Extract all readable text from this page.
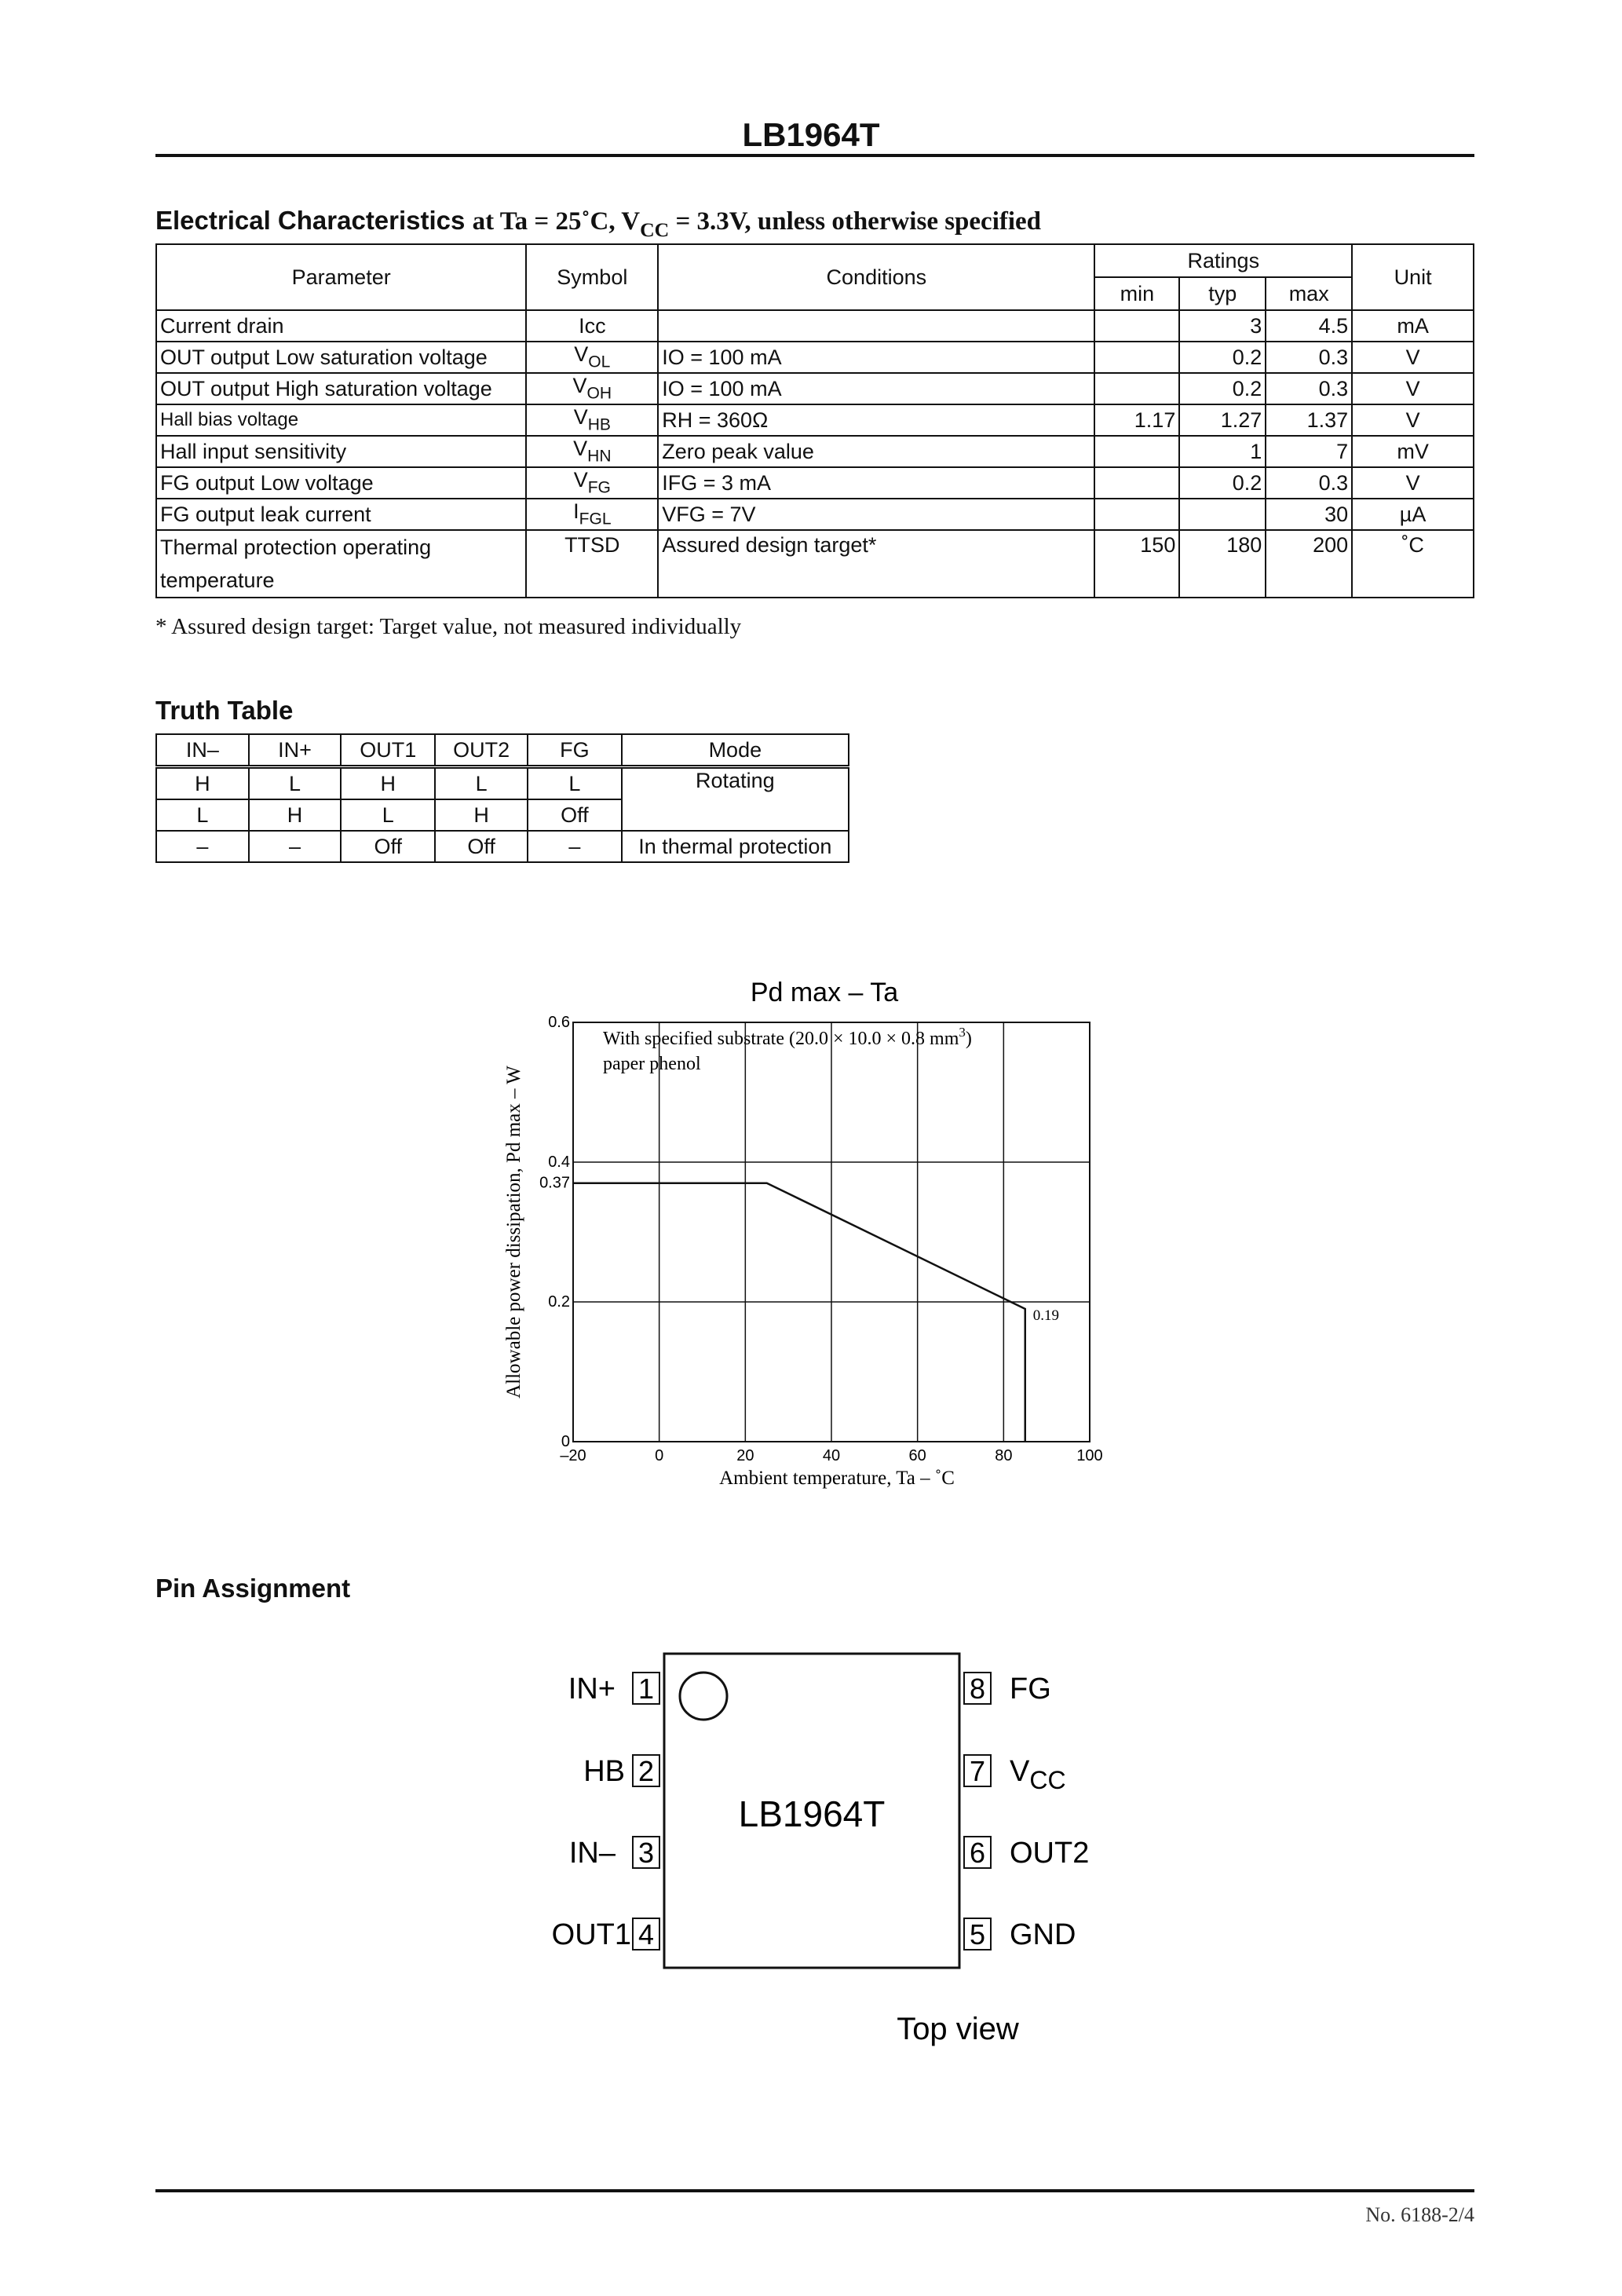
LB1964T
Electrical Characteristics at Ta = 25˚C, $V_{CC} = 3.3V$, unless otherwise specified
Parameter	Symbol	Conditions	Ratings			Unit
			min	typ	max	
Current drain	Icc			3	4.5	mA
OUT output Low saturation voltage	$V_{OL}$	IO = 100 mA		0.2	0.3	V
OUT output High saturation voltage	$V_{OH}$	IO = 100 mA		0.2	0.3	V
Hall bias voltage	$V_{HB}$	RH = 360Ω	1.17	1.27	1.37	V
Hall input sensitivity	$V_{HN}$	Zero peak value		1	7	mV
FG output Low voltage	$V_{FG}$	IFG = 3 mA		0.2	0.3	V
FG output leak current	$I_{FGL}$	VFG = 7V			30	µA
Thermal protection operating
temperature	TTSD	Assured design target*	150	180	200	˚C
* Assured design target: Target value, not measured individually
Truth Table
IN–	IN+	OUT1	OUT2	FG	Mode
H	L	H	L	L	Rotating
L	H	L	H	Off	
–	–	Off	Off	–	In thermal protection
Pd max – Ta
Allowable power dissipation, Pd max – W
Ambient temperature, Ta – ˚C
With specified substrate (20.0 × 10.0 × 0.8 $mm^3$)
paper phenol
0.19
–20	0	20	40	60	80	100
0
0.2
0.37
0.4
0.6
Pin Assignment
LB1964T
1
IN+
2
HB
3
IN–
4
OUT1
8 FG
7 $V_{CC}$
6 OUT2
5 GND
Top view
No. 6188-2/4
